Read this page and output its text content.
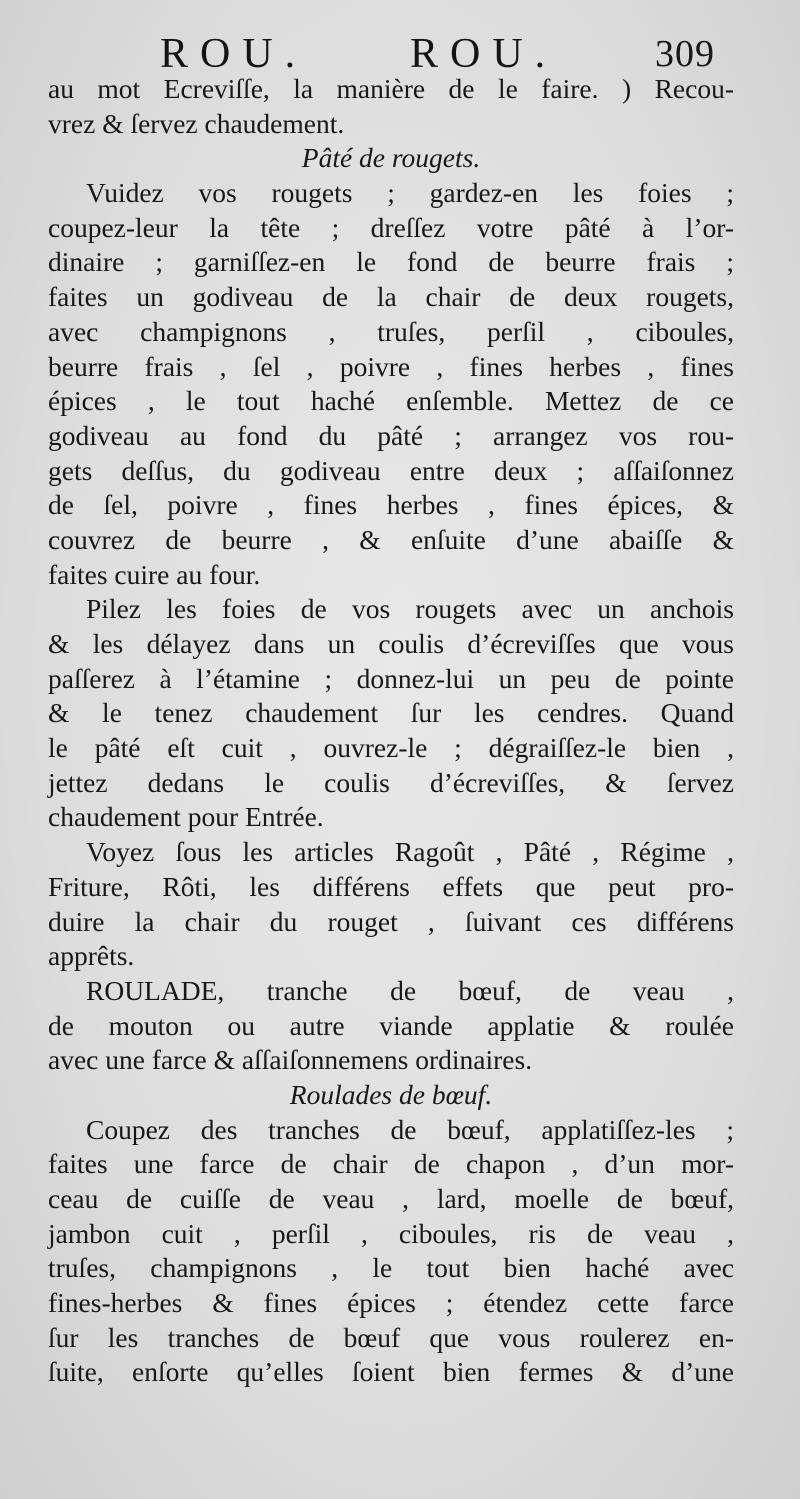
ROU. ROU.	309
au mot Ecreviſſe, la manière de le faire. ) Recou-
vrez & ſervez chaudement.
Pâté de rougets.
Vuidez vos rougets ; gardez-en les foies ;
coupez-leur la tête ; dreſſez votre pâté à l’or-
dinaire ; garniſſez-en le fond de beurre frais ;
faites un godiveau de la chair de deux rougets,
avec champignons , truſes, perſil , ciboules,
beurre frais , ſel , poivre , fines herbes , fines
épices , le tout haché enſemble. Mettez de ce
godiveau au fond du pâté ; arrangez vos rou-
gets deſſus, du godiveau entre deux ; aſſaiſonnez
de ſel, poivre , fines herbes , fines épices, &
couvrez de beurre , & enſuite d’une abaiſſe &
faites cuire au four.
Pilez les foies de vos rougets avec un anchois
& les délayez dans un coulis d’écreviſſes que vous
paſſerez à l’étamine ; donnez-lui un peu de pointe
& le tenez chaudement ſur les cendres. Quand
le pâté eſt cuit , ouvrez-le ; dégraiſſez-le bien ,
jettez dedans le coulis d’écreviſſes, & ſervez
chaudement pour Entrée.
Voyez ſous les articles Ragoût , Pâté , Régime ,
Friture, Rôti, les différens effets que peut pro-
duire la chair du rouget , ſuivant ces différens
apprêts.
ROULADE, tranche de bœuf, de veau ,
de mouton ou autre viande applatie & roulée
avec une farce & aſſaiſonnemens ordinaires.
Roulades de bœuf.
Coupez des tranches de bœuf, applatiſſez-les ;
faites une farce de chair de chapon , d’un mor-
ceau de cuiſſe de veau , lard, moelle de bœuf,
jambon cuit , perſil , ciboules, ris de veau ,
truſes, champignons , le tout bien haché avec
fines-herbes & fines épices ; étendez cette farce
ſur les tranches de bœuf que vous roulerez en-
ſuite, enſorte qu’elles ſoient bien fermes & d’une
